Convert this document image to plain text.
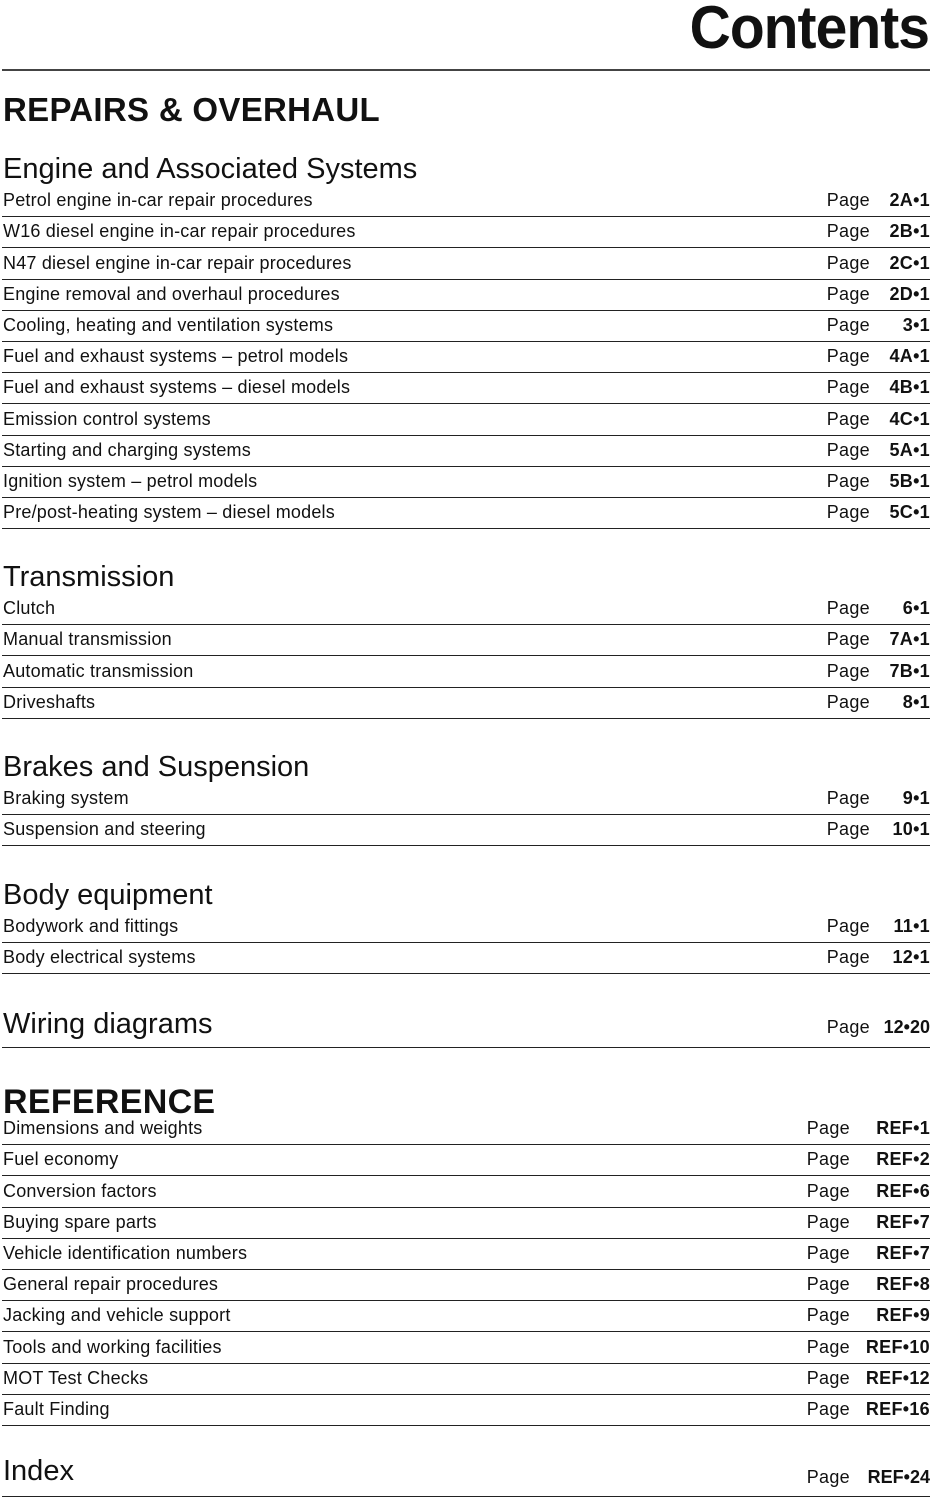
Contents
REPAIRS & OVERHAUL
Engine and Associated Systems
Petrol engine in-car repair procedures	Page 2A•1
W16 diesel engine in-car repair procedures	Page 2B•1
N47 diesel engine in-car repair procedures	Page 2C•1
Engine removal and overhaul procedures	Page 2D•1
Cooling, heating and ventilation systems	Page 3•1
Fuel and exhaust systems – petrol models	Page 4A•1
Fuel and exhaust systems – diesel models	Page 4B•1
Emission control systems	Page 4C•1
Starting and charging systems	Page 5A•1
Ignition system – petrol models	Page 5B•1
Pre/post-heating system – diesel models	Page 5C•1
Transmission
Clutch	Page 6•1
Manual transmission	Page 7A•1
Automatic transmission	Page 7B•1
Driveshafts	Page 8•1
Brakes and Suspension
Braking system	Page 9•1
Suspension and steering	Page 10•1
Body equipment
Bodywork and fittings	Page 11•1
Body electrical systems	Page 12•1
Wiring diagrams	Page 12•20
REFERENCE
Dimensions and weights	Page REF•1
Fuel economy	Page REF•2
Conversion factors	Page REF•6
Buying spare parts	Page REF•7
Vehicle identification numbers	Page REF•7
General repair procedures	Page REF•8
Jacking and vehicle support	Page REF•9
Tools and working facilities	Page REF•10
MOT Test Checks	Page REF•12
Fault Finding	Page REF•16
Index	Page REF•24
